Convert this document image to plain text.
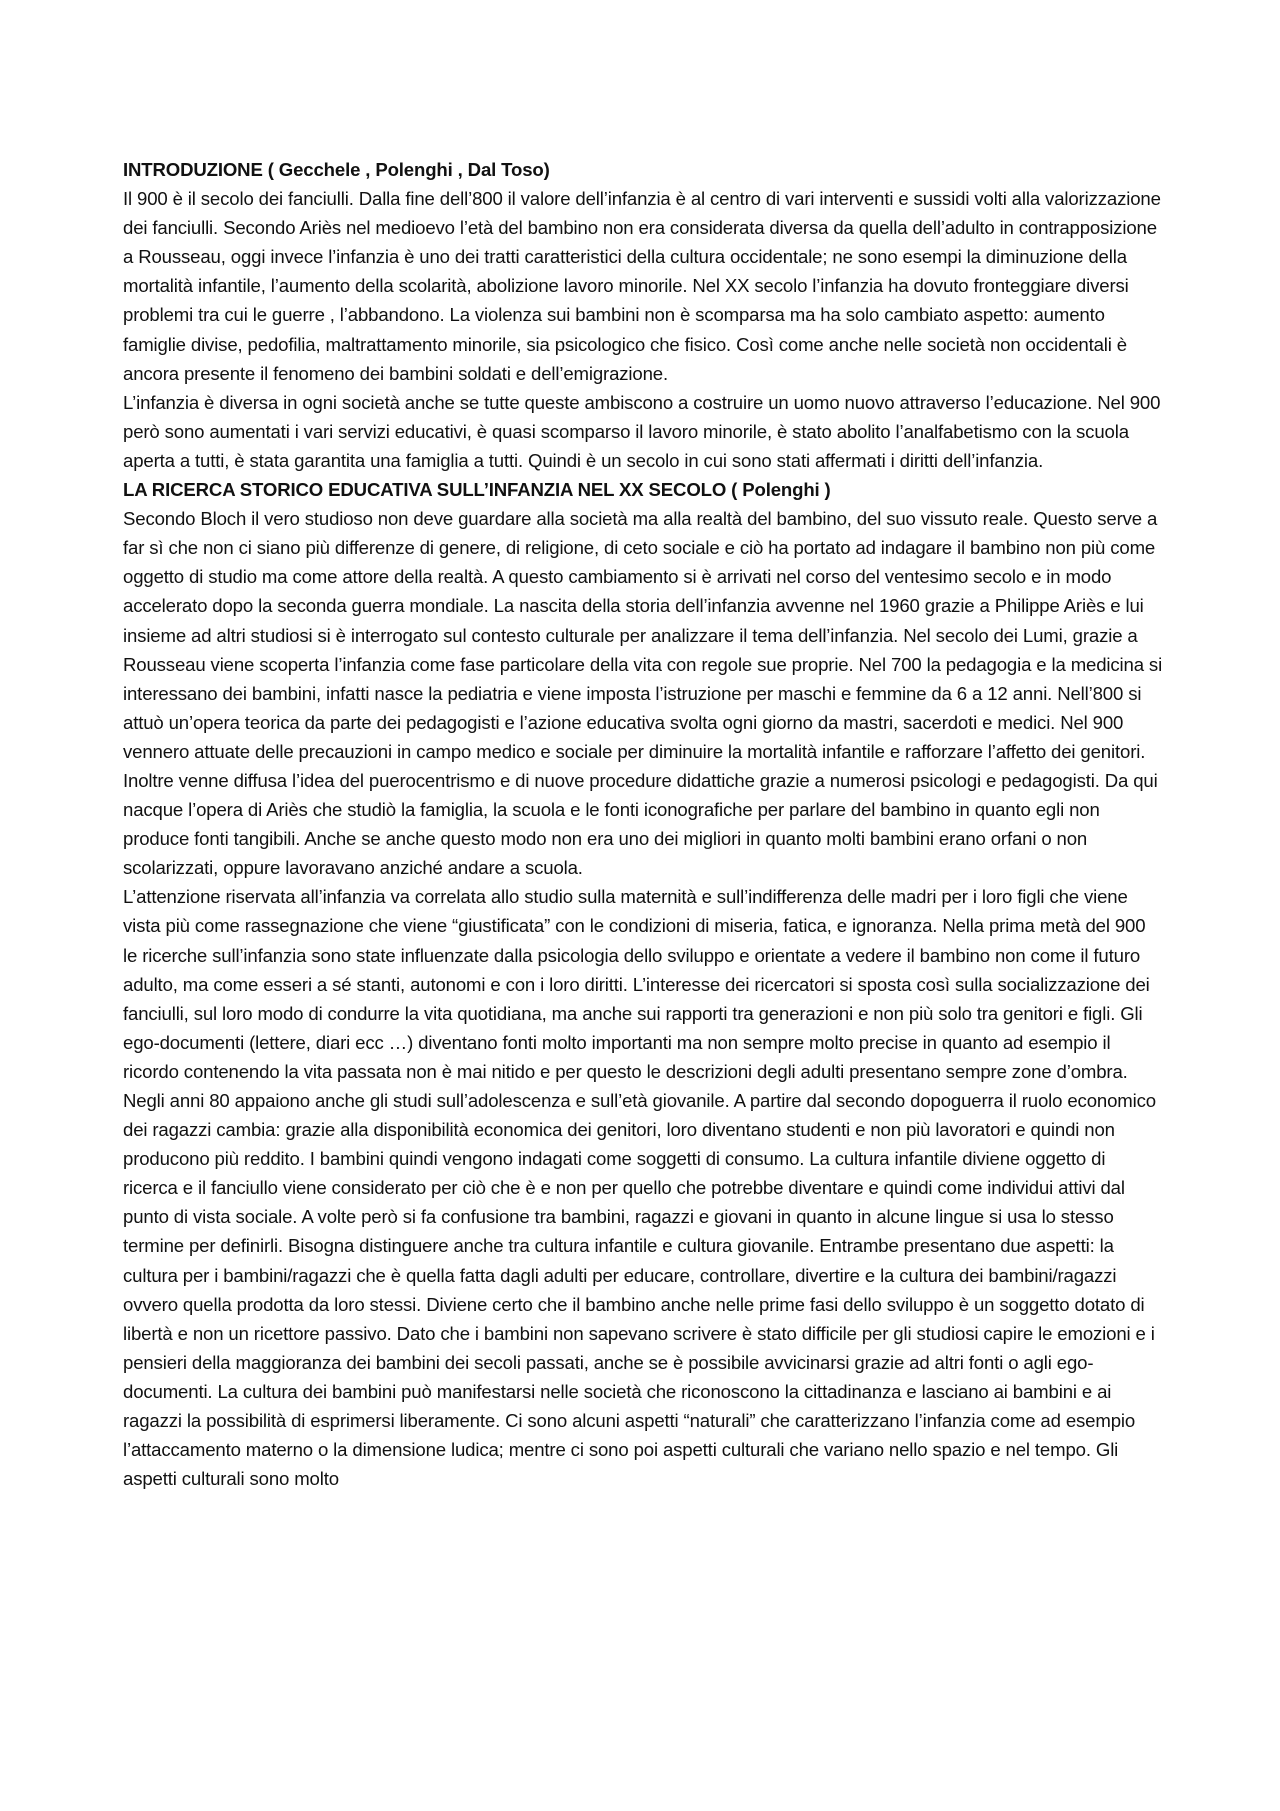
INTRODUZIONE ( Gecchele , Polenghi , Dal Toso)

Il 900 è il secolo dei fanciulli. Dalla fine dell’800 il valore dell’infanzia è al centro di vari interventi e sussidi volti alla valorizzazione dei fanciulli. Secondo Ariès nel medioevo l’età del bambino non era considerata diversa da quella dell’adulto in contrapposizione a Rousseau, oggi invece l’infanzia è uno dei tratti caratteristici della cultura occidentale; ne sono esempi la diminuzione della mortalità infantile, l’aumento della scolarità, abolizione lavoro minorile. Nel XX secolo l’infanzia ha dovuto fronteggiare diversi problemi tra cui le guerre , l’abbandono. La violenza sui bambini non è scomparsa ma ha solo cambiato aspetto: aumento famiglie divise, pedofilia, maltrattamento minorile, sia psicologico che fisico. Così come anche nelle società non occidentali è ancora presente il fenomeno dei bambini soldati e dell’emigrazione.

L’infanzia è diversa in ogni società anche se tutte queste ambiscono a costruire un uomo nuovo attraverso l’educazione. Nel 900 però sono aumentati i vari servizi educativi, è quasi scomparso il lavoro minorile, è stato abolito l’analfabetismo con la scuola aperta a tutti, è stata garantita una famiglia a tutti. Quindi è un secolo in cui sono stati affermati i diritti dell’infanzia.

LA RICERCA STORICO EDUCATIVA SULL’INFANZIA NEL XX SECOLO ( Polenghi )

Secondo Bloch il vero studioso non deve guardare alla società ma alla realtà del bambino, del suo vissuto reale. Questo serve a far sì che non ci siano più differenze di genere, di religione, di ceto sociale e ciò ha portato ad indagare il bambino non più come oggetto di studio ma come attore della realtà. A questo cambiamento si è arrivati nel corso del ventesimo secolo e in modo accelerato dopo la seconda guerra mondiale. La nascita della storia dell’infanzia avvenne nel 1960 grazie a Philippe Ariès e lui insieme ad altri studiosi si è interrogato sul contesto culturale per analizzare il tema dell’infanzia. Nel secolo dei Lumi, grazie a Rousseau viene scoperta l’infanzia come fase particolare della vita con regole sue proprie. Nel 700 la pedagogia e la medicina si interessano dei bambini, infatti nasce la pediatria e viene imposta l’istruzione per maschi e femmine da 6 a 12 anni. Nell’800 si attuò un’opera teorica da parte dei pedagogisti e l’azione educativa svolta ogni giorno da mastri, sacerdoti e medici. Nel 900 vennero attuate delle precauzioni in campo medico e sociale per diminuire la mortalità infantile e rafforzare l’affetto dei genitori. Inoltre venne diffusa l’idea del puerocentrismo e di nuove procedure didattiche grazie a numerosi psicologi e pedagogisti. Da qui nacque l’opera di Ariès che studiò la famiglia, la scuola e le fonti iconografiche per parlare del bambino in quanto egli non produce fonti tangibili. Anche se anche questo modo non era uno dei migliori in quanto molti bambini erano orfani o non scolarizzati, oppure lavoravano anziché andare a scuola.

L’attenzione riservata all’infanzia va correlata allo studio sulla maternità e sull’indifferenza delle madri per i loro figli che viene vista più come rassegnazione che viene “giustificata” con le condizioni di miseria, fatica, e ignoranza. Nella prima metà del 900 le ricerche sull’infanzia sono state influenzate dalla psicologia dello sviluppo e orientate a vedere il bambino non come il futuro adulto, ma come esseri a sé stanti, autonomi e con i loro diritti. L’interesse dei ricercatori si sposta così sulla socializzazione dei fanciulli, sul loro modo di condurre la vita quotidiana, ma anche sui rapporti tra generazioni e non più solo tra genitori e figli. Gli ego-documenti (lettere, diari ecc …) diventano fonti molto importanti ma non sempre molto precise in quanto ad esempio il ricordo contenendo la vita passata non è mai nitido e per questo le descrizioni degli adulti presentano sempre zone d’ombra. Negli anni 80 appaiono anche gli studi sull’adolescenza e sull’età giovanile. A partire dal secondo dopoguerra il ruolo economico dei ragazzi cambia: grazie alla disponibilità economica dei genitori, loro diventano studenti e non più lavoratori e quindi non producono più reddito. I bambini quindi vengono indagati come soggetti di consumo. La cultura infantile diviene oggetto di ricerca e il fanciullo viene considerato per ciò che è e non per quello che potrebbe diventare e quindi come individui attivi dal punto di vista sociale. A volte però si fa confusione tra bambini, ragazzi e giovani in quanto in alcune lingue si usa lo stesso termine per definirli. Bisogna distinguere anche tra cultura infantile e cultura giovanile. Entrambe presentano due aspetti: la cultura per i bambini/ragazzi che è quella fatta dagli adulti per educare, controllare, divertire e la cultura dei bambini/ragazzi ovvero quella prodotta da loro stessi. Diviene certo che il bambino anche nelle prime fasi dello sviluppo è un soggetto dotato di libertà e non un ricettore passivo. Dato che i bambini non sapevano scrivere è stato difficile per gli studiosi capire le emozioni e i pensieri della maggioranza dei bambini dei secoli passati, anche se è possibile avvicinarsi grazie ad altri fonti o agli ego-documenti. La cultura dei bambini può manifestarsi nelle società che riconoscono la cittadinanza e lasciano ai bambini e ai ragazzi la possibilità di esprimersi liberamente. Ci sono alcuni aspetti “naturali” che caratterizzano l’infanzia come ad esempio l’attaccamento materno o la dimensione ludica; mentre ci sono poi aspetti culturali che variano nello spazio e nel tempo. Gli aspetti culturali sono molto
